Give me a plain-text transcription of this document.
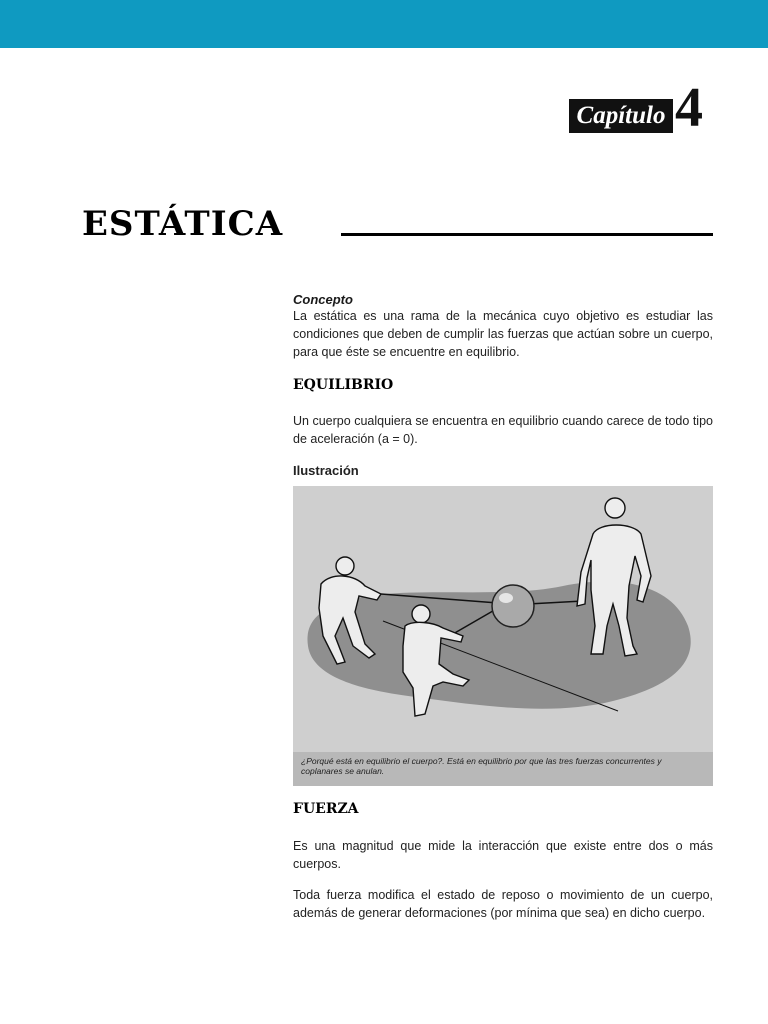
Capítulo 4
ESTÁTICA
Concepto

La estática es una rama de la mecánica cuyo objetivo es estudiar las condiciones que deben de cumplir las fuerzas que actúan sobre un cuerpo, para que éste se encuentre en equilibrio.

EQUILIBRIO

Un cuerpo cualquiera se encuentra en equilibrio cuando carece de todo tipo de aceleración (a = 0).

Ilustración
¿Porqué está en equilibrio el cuerpo?. Está en equilibrio por que las tres fuerzas concurrentes y coplanares se anulan.
FUERZA

Es una magnitud que mide la interacción que existe entre dos o más cuerpos.

Toda fuerza modifica el estado de reposo o movimiento de un cuerpo, además de generar deformaciones (por mínima que sea) en dicho cuerpo.
